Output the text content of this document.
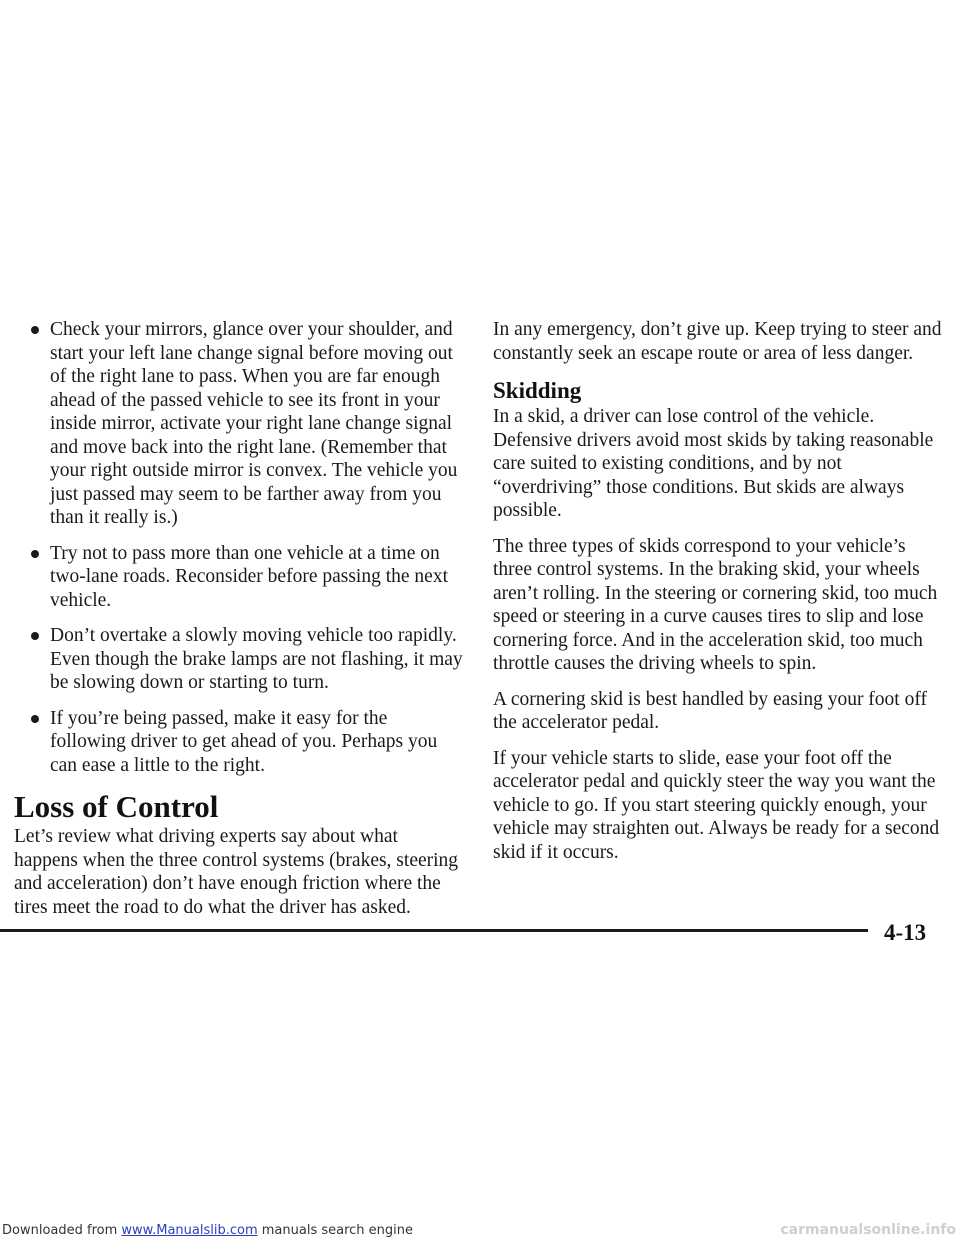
Check your mirrors, glance over your shoulder, and start your left lane change signal before moving out of the right lane to pass. When you are far enough ahead of the passed vehicle to see its front in your inside mirror, activate your right lane change signal and move back into the right lane. (Remember that your right outside mirror is convex. The vehicle you just passed may seem to be farther away from you than it really is.)
Try not to pass more than one vehicle at a time on two-lane roads. Reconsider before passing the next vehicle.
Don’t overtake a slowly moving vehicle too rapidly. Even though the brake lamps are not flashing, it may be slowing down or starting to turn.
If you’re being passed, make it easy for the following driver to get ahead of you. Perhaps you can ease a little to the right.
Loss of Control

Let’s review what driving experts say about what happens when the three control systems (brakes, steering and acceleration) don’t have enough friction where the tires meet the road to do what the driver has asked.

In any emergency, don’t give up. Keep trying to steer and constantly seek an escape route or area of less danger.

Skidding

In a skid, a driver can lose control of the vehicle. Defensive drivers avoid most skids by taking reasonable care suited to existing conditions, and by not “overdriving” those conditions. But skids are always possible.

The three types of skids correspond to your vehicle’s three control systems. In the braking skid, your wheels aren’t rolling. In the steering or cornering skid, too much speed or steering in a curve causes tires to slip and lose cornering force. And in the acceleration skid, too much throttle causes the driving wheels to spin.

A cornering skid is best handled by easing your foot off the accelerator pedal.

If your vehicle starts to slide, ease your foot off the accelerator pedal and quickly steer the way you want the vehicle to go. If you start steering quickly enough, your vehicle may straighten out. Always be ready for a second skid if it occurs.

4-13
Downloaded from www.Manualslib.com manuals search engine	carmanualsonline.info
